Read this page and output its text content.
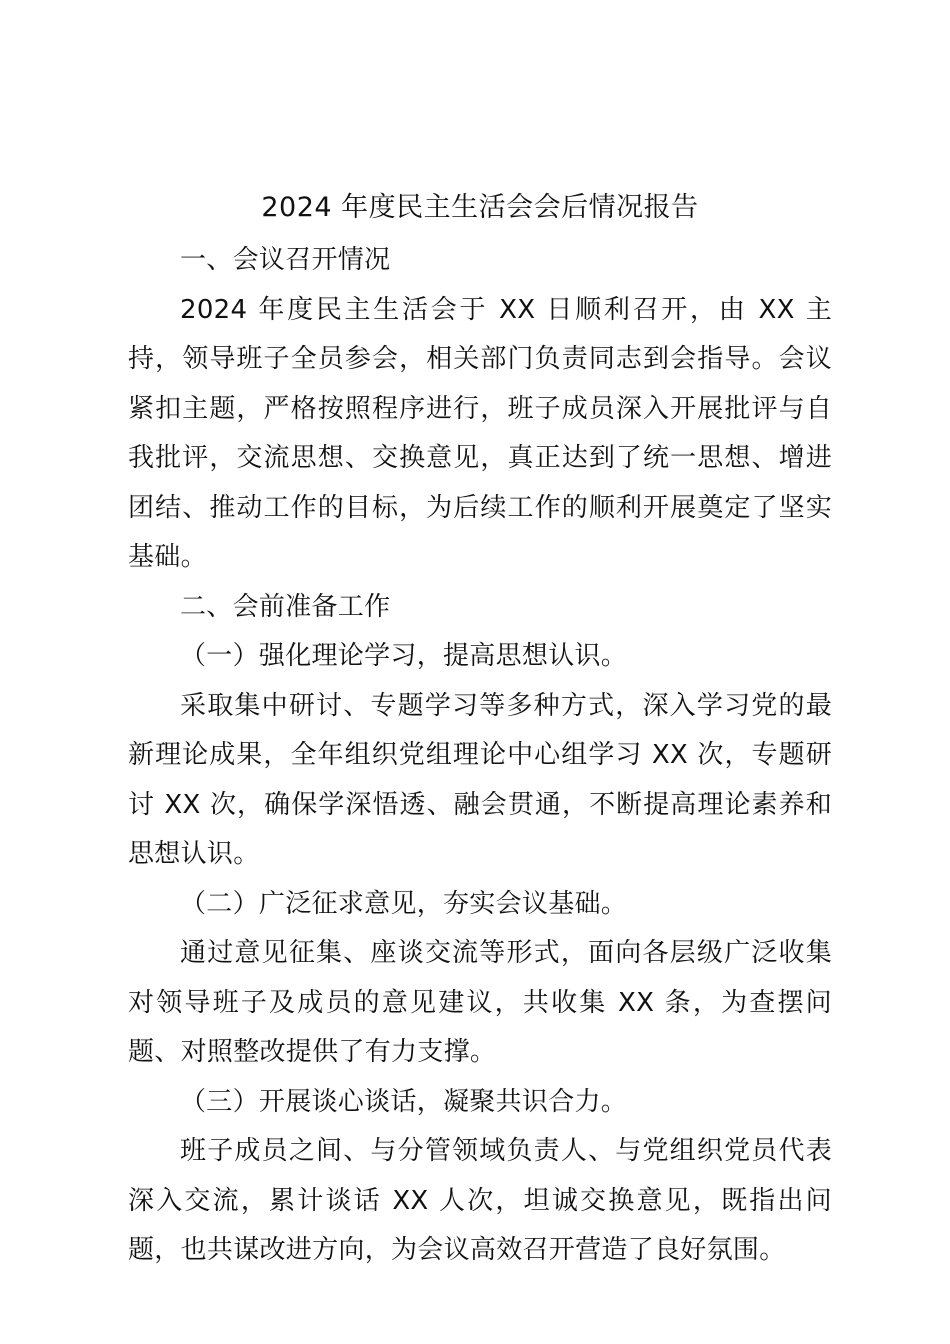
2024 年度民主生活会会后情况报告

一、会议召开情况

2024 年度民主生活会于 XX 日顺利召开，由 XX 主持，领导班子全员参会，相关部门负责同志到会指导。会议紧扣主题，严格按照程序进行，班子成员深入开展批评与自我批评，交流思想、交换意见，真正达到了统一思想、增进团结、推动工作的目标，为后续工作的顺利开展奠定了坚实基础。

二、会前准备工作

（一）强化理论学习，提高思想认识。

采取集中研讨、专题学习等多种方式，深入学习党的最新理论成果，全年组织党组理论中心组学习 XX 次，专题研讨 XX 次，确保学深悟透、融会贯通，不断提高理论素养和思想认识。

（二）广泛征求意见，夯实会议基础。

通过意见征集、座谈交流等形式，面向各层级广泛收集对领导班子及成员的意见建议，共收集 XX 条，为查摆问题、对照整改提供了有力支撑。

（三）开展谈心谈话，凝聚共识合力。

班子成员之间、与分管领域负责人、与党组织党员代表深入交流，累计谈话 XX 人次，坦诚交换意见，既指出问题，也共谋改进方向，为会议高效召开营造了良好氛围。
